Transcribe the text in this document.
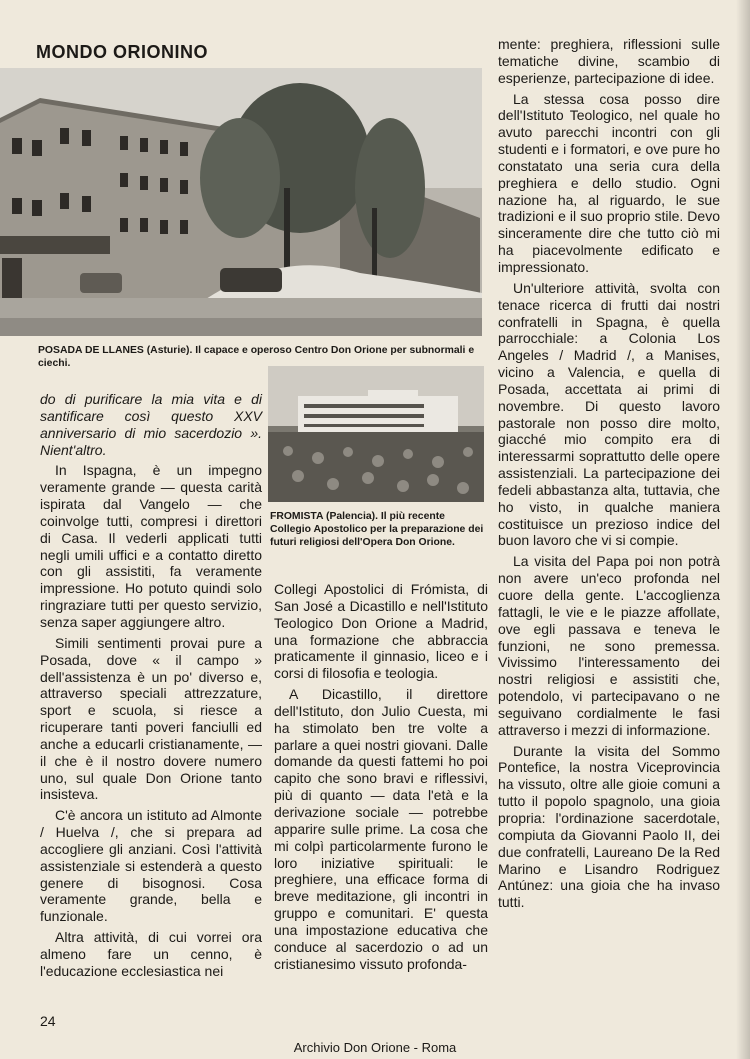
MONDO ORIONINO
POSADA DE LLANES (Asturie). Il capace e operoso Centro Don Orione per subnormali e ciechi.
FROMISTA (Palencia). Il più recente Collegio Apostolico per la preparazione dei futuri religiosi dell'Opera Don Orione.

do di purificare la mia vita e di santificare così questo XXV anniversario di mio sacerdozio ». Nient'altro.

In Ispagna, è un impegno veramente grande — questa carità ispirata dal Vangelo — che coinvolge tutti, compresi i direttori di Casa. Il vederli applicati tutti negli umili uffici e a contatto diretto con gli assistiti, fa veramente impressione. Ho potuto quindi solo ringraziare tutti per questo servizio, senza saper aggiungere altro.

Simili sentimenti provai pure a Posada, dove « il campo » dell'assistenza è un po' diverso e, attraverso speciali attrezzature, sport e scuola, si riesce a ricuperare tanti poveri fanciulli ed anche a educarli cristianamente, — il che è il nostro dovere numero uno, sul quale Don Orione tanto insisteva.

C'è ancora un istituto ad Almonte / Huelva /, che si prepara ad accogliere gli anziani. Così l'attività assistenziale si estenderà a questo genere di bisognosi. Cosa veramente grande, bella e funzionale.

Altra attività, di cui vorrei ora almeno fare un cenno, è l'educazione ecclesiastica nei

Collegi Apostolici di Frómista, di San José a Dicastillo e nell'Istituto Teologico Don Orione a Madrid, una formazione che abbraccia praticamente il ginnasio, liceo e i corsi di filosofia e teologia.

A Dicastillo, il direttore dell'Istituto, don Julio Cuesta, mi ha stimolato ben tre volte a parlare a quei nostri giovani. Dalle domande da questi fattemi ho poi capito che sono bravi e riflessivi, più di quanto — data l'età e la derivazione sociale — potrebbe apparire sulle prime. La cosa che mi colpì particolarmente furono le loro iniziative spirituali: le preghiere, una efficace forma di breve meditazione, gli incontri in gruppo e comunitari. E' questa una impostazione educativa che conduce al sacerdozio o ad un cristianesimo vissuto profonda-

mente: preghiera, riflessioni sulle tematiche divine, scambio di esperienze, partecipazione di idee.

La stessa cosa posso dire dell'Istituto Teologico, nel quale ho avuto parecchi incontri con gli studenti e i formatori, e ove pure ho constatato una seria cura della preghiera e dello studio. Ogni nazione ha, al riguardo, le sue tradizioni e il suo proprio stile. Devo sinceramente dire che tutto ciò mi ha piacevolmente edificato e impressionato.

Un'ulteriore attività, svolta con tenace ricerca di frutti dai nostri confratelli in Spagna, è quella parrocchiale: a Colonia Los Angeles / Madrid /, a Manises, vicino a Valencia, e quella di Posada, accettata ai primi di novembre. Di questo lavoro pastorale non posso dire molto, giacché mio compito era di interessarmi soprattutto delle opere assistenziali. La partecipazione dei fedeli abbastanza alta, tuttavia, che ho visto, in qualche maniera costituisce un prezioso indice del buon lavoro che vi si compie.

La visita del Papa poi non potrà non avere un'eco profonda nel cuore della gente. L'accoglienza fattagli, le vie e le piazze affollate, ove egli passava e teneva le funzioni, ne sono premessa. Vivissimo l'interessamento dei nostri religiosi e assistiti che, potendolo, vi partecipavano o ne seguivano cordialmente le fasi attraverso i mezzi di informazione.

Durante la visita del Sommo Pontefice, la nostra Viceprovincia ha vissuto, oltre alle gioie comuni a tutto il popolo spagnolo, una gioia propria: l'ordinazione sacerdotale, compiuta da Giovanni Paolo II, dei due confratelli, Laureano De la Red Marino e Lisandro Rodriguez Antúnez: una gioia che ha invaso tutti.

24
Archivio Don Orione - Roma
